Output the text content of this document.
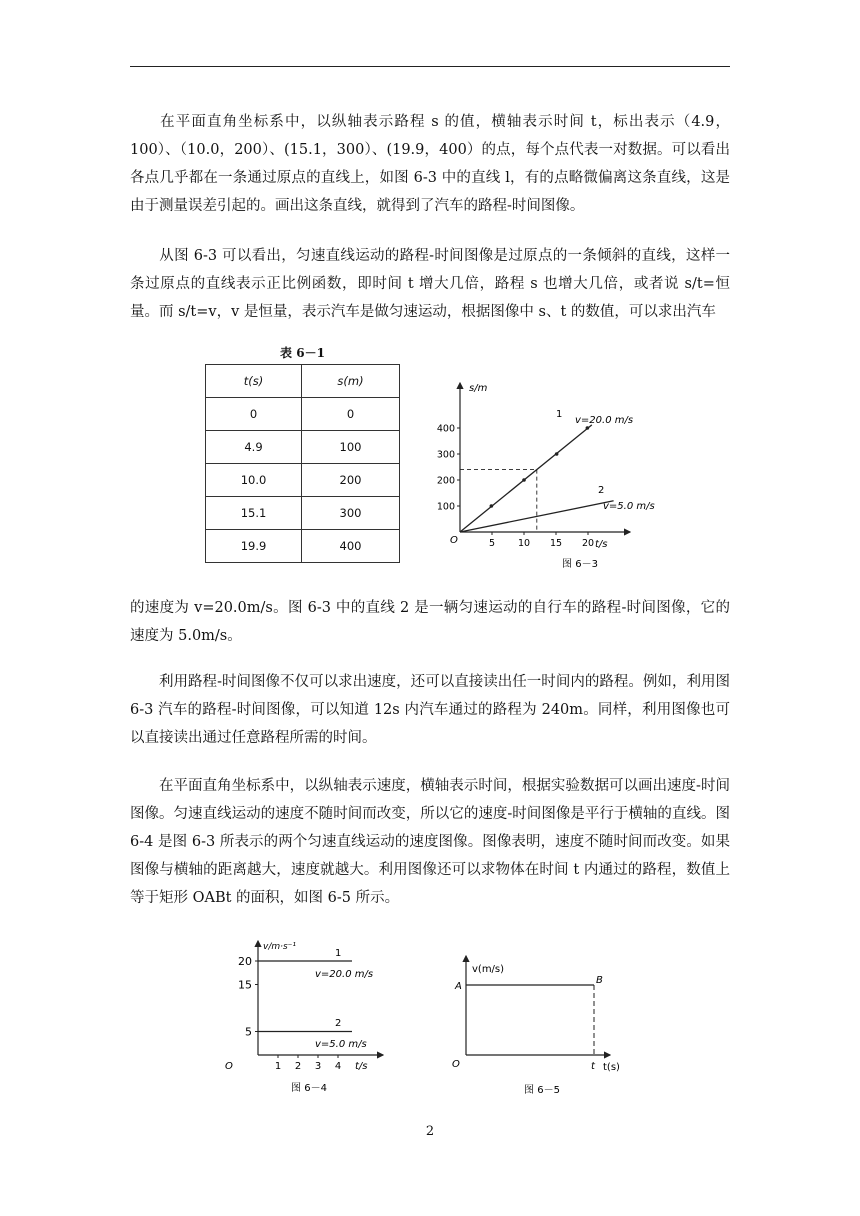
在平面直角坐标系中，以纵轴表示路程 s 的值，横轴表示时间 t，标出表示（4.9，100）、（10.0，200）、(15.1，300）、(19.9，400）的点，每个点代表一对数据。可以看出各点几乎都在一条通过原点的直线上，如图 6-3 中的直线 l，有的点略微偏离这条直线，这是由于测量误差引起的。画出这条直线，就得到了汽车的路程-时间图像。

从图 6-3 可以看出，匀速直线运动的路程-时间图像是过原点的一条倾斜的直线，这样一条过原点的直线表示正比例函数，即时间 t 增大几倍，路程 s 也增大几倍，或者说 s/t=恒量。而 s/t=v，v 是恒量，表示汽车是做匀速运动，根据图像中 s、t 的数值，可以求出汽车

表 6－1
t(s)	s(m)
0	0
4.9	100
10.0	200
15.1	300
19.9	400
100
200
300
400
5 10 15 20
s/m
t/s
O
1
v=20.0 m/s
2
v=5.0 m/s
图 6－3

的速度为 v=20.0m/s。图 6-3 中的直线 2 是一辆匀速运动的自行车的路程-时间图像，它的速度为 5.0m/s。

利用路程-时间图像不仅可以求出速度，还可以直接读出任一时间内的路程。例如，利用图 6-3 汽车的路程-时间图像，可以知道 12s 内汽车通过的路程为 240m。同样，利用图像也可以直接读出通过任意路程所需的时间。

在平面直角坐标系中，以纵轴表示速度，横轴表示时间，根据实验数据可以画出速度-时间图像。匀速直线运动的速度不随时间而改变，所以它的速度-时间图像是平行于横轴的直线。图 6-4 是图 6-3 所表示的两个匀速直线运动的速度图像。图像表明，速度不随时间而改变。如果图像与横轴的距离越大，速度就越大。利用图像还可以求物体在时间 t 内通过的路程，数值上等于矩形 OABt 的面积，如图 6-5 所示。

5
15
20
1 2 3 4
v/m·s⁻¹
t/s
O
1
v=20.0 m/s
2
v=5.0 m/s
图 6－4
v(m/s)
t(s)
O
A
B
t
图 6－5
2
